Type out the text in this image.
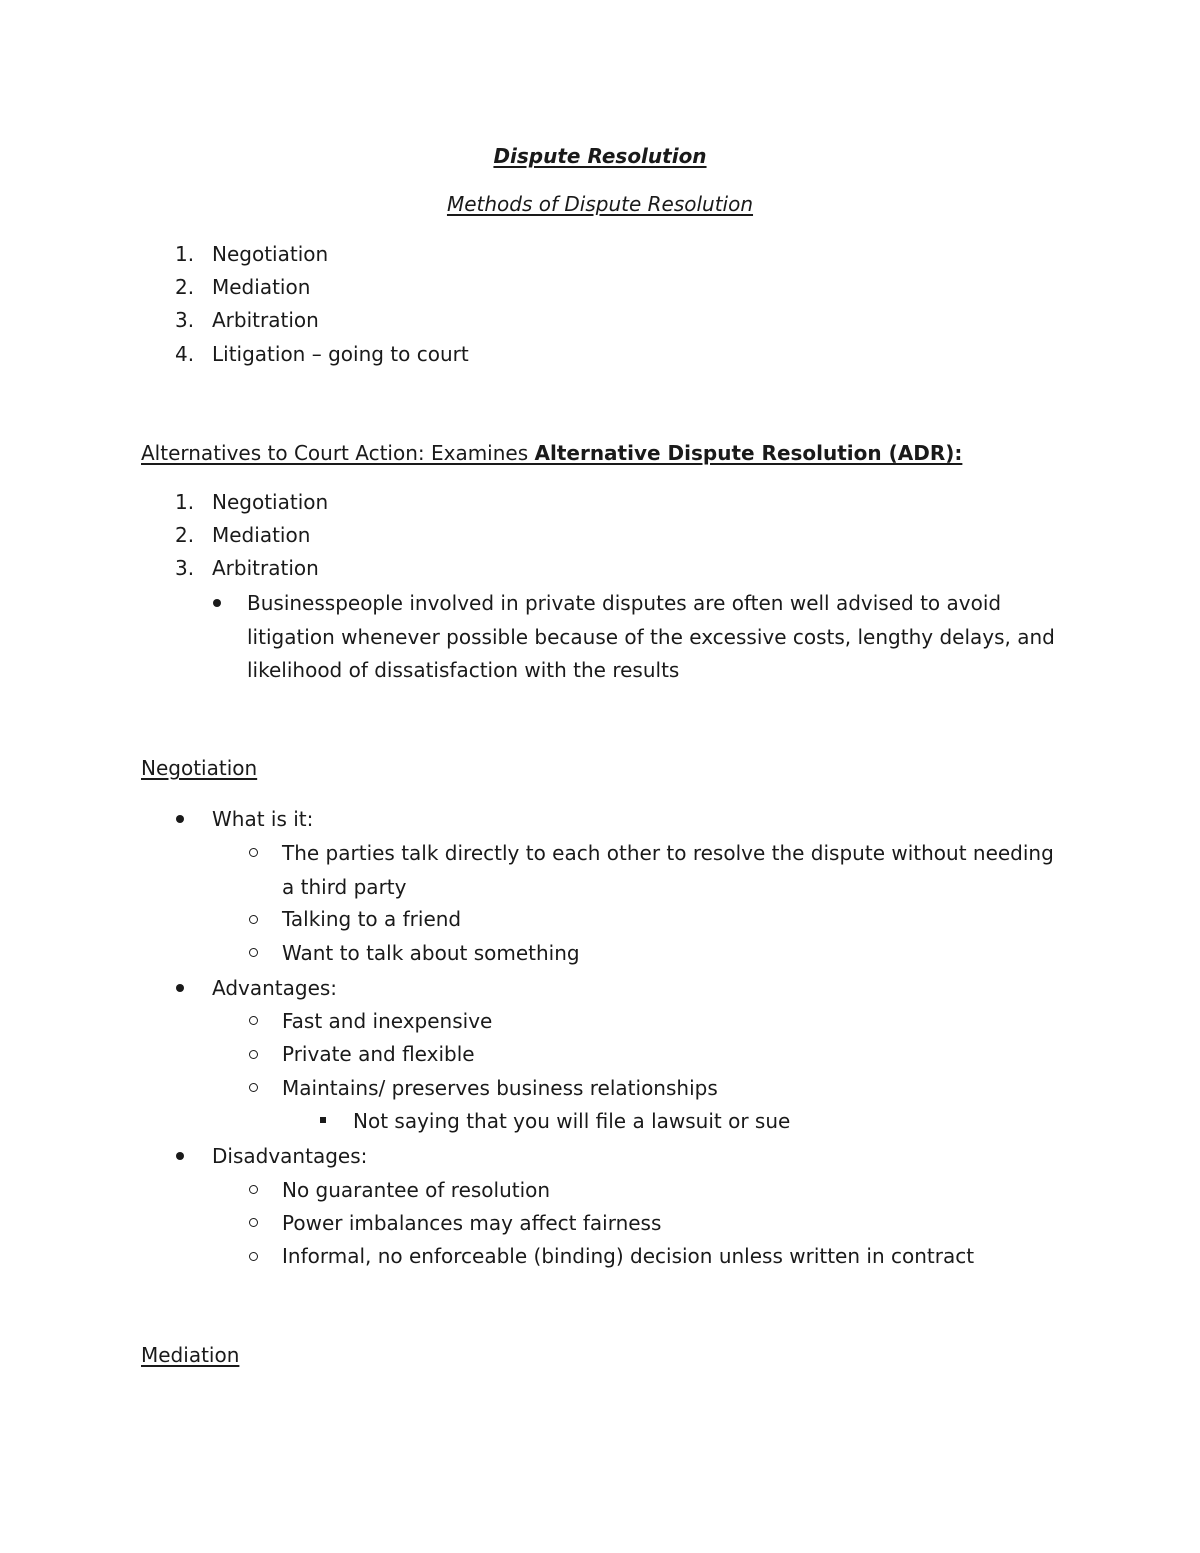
Dispute Resolution
Methods of Dispute Resolution
1. Negotiation
2. Mediation
3. Arbitration
4. Litigation – going to court
Alternatives to Court Action: Examines Alternative Dispute Resolution (ADR):
1. Negotiation
2. Mediation
3. Arbitration
Businesspeople involved in private disputes are often well advised to avoid
litigation whenever possible because of the excessive costs, lengthy delays, and
likelihood of dissatisfaction with the results
Negotiation
What is it:
The parties talk directly to each other to resolve the dispute without needing
a third party
Talking to a friend
Want to talk about something
Advantages:
Fast and inexpensive
Private and flexible
Maintains/ preserves business relationships
Not saying that you will file a lawsuit or sue
Disadvantages:
No guarantee of resolution
Power imbalances may affect fairness
Informal, no enforceable (binding) decision unless written in contract
Mediation
